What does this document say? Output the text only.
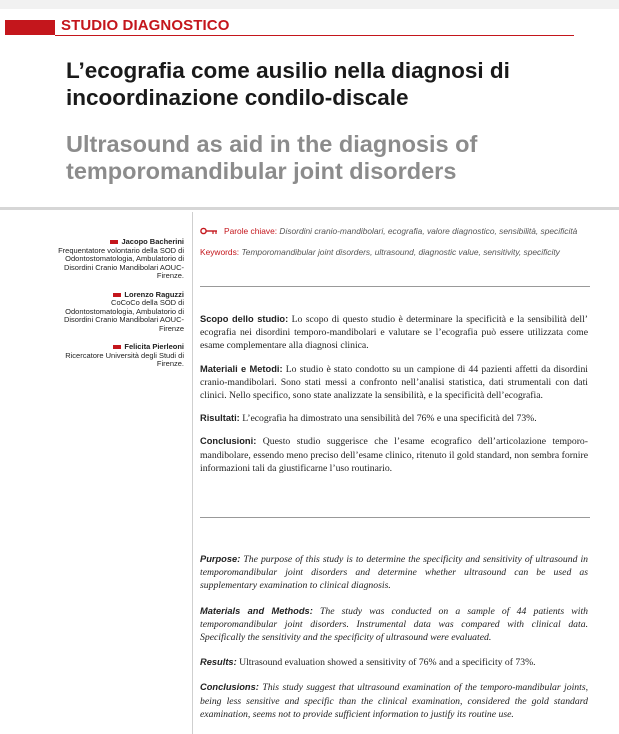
STUDIO DIAGNOSTICO
L’ecografia come ausilio nella diagnosi di incoordinazione condilo-discale
Ultrasound as aid in the diagnosis of temporomandibular joint disorders
Jacopo Bacherini
Frequentatore volontario della SOD di Odontostomatologia, Ambulatorio di Disordini Cranio Mandibolari AOUC- Firenze.
Lorenzo Raguzzi
CoCoCo della SOD di Odontostomatologia, Ambulatorio di Disordini Cranio Mandibolari AOUC-Firenze
Felicita Pierleoni
Ricercatore Università degli Studi di Firenze.
Parole chiave: Disordini cranio-mandibolari, ecografia, valore diagnostico, sensibilità, specificità
Keywords: Temporomandibular joint disorders, ultrasound, diagnostic value, sensitivity, specificity

Scopo dello studio: Lo scopo di questo studio è determinare la specificità e la sensibilità dell’ ecografia nei disordini temporo-mandibolari e valutare se l’ecografia può essere utilizzata come esame complementare alla diagnosi clinica.

Materiali e Metodi: Lo studio è stato condotto su un campione di 44 pazienti affetti da disordini cranio-mandibolari. Sono stati messi a confronto nell’analisi statistica, dati strumentali con dati clinici. Nello specifico, sono state analizzate la sensibilità, e la specificità dell’ecografia.

Risultati: L’ecografia ha dimostrato una sensibilità del 76% e una specificità del 73%.

Conclusioni: Questo studio suggerisce che l’esame ecografico dell’articolazione temporo-mandibolare, essendo meno preciso dell’esame clinico, ritenuto il gold standard, non sembra fornire informazioni tali da giustificarne l’uso routinario.

Purpose: The purpose of this study is to determine the specificity and sensitivity of ultrasound in temporomandibular joint disorders and determine whether ultrasound can be used as supplementary examination to clinical diagnosis.

Materials and Methods: The study was conducted on a sample of 44 patients with temporomandibular joint disorders. Instrumental data was compared with clinical data. Specifically the sensitivity and the specificity of ultrasound were evaluated.

Results: Ultrasound evaluation showed a sensitivity of 76% and a specificity of 73%.

Conclusions: This study suggest that ultrasound examination of the temporo-mandibular joints, being less sensitive and specific than the clinical examination, considered the gold standard examination, seems not to provide sufficient information to justify its routine use.
